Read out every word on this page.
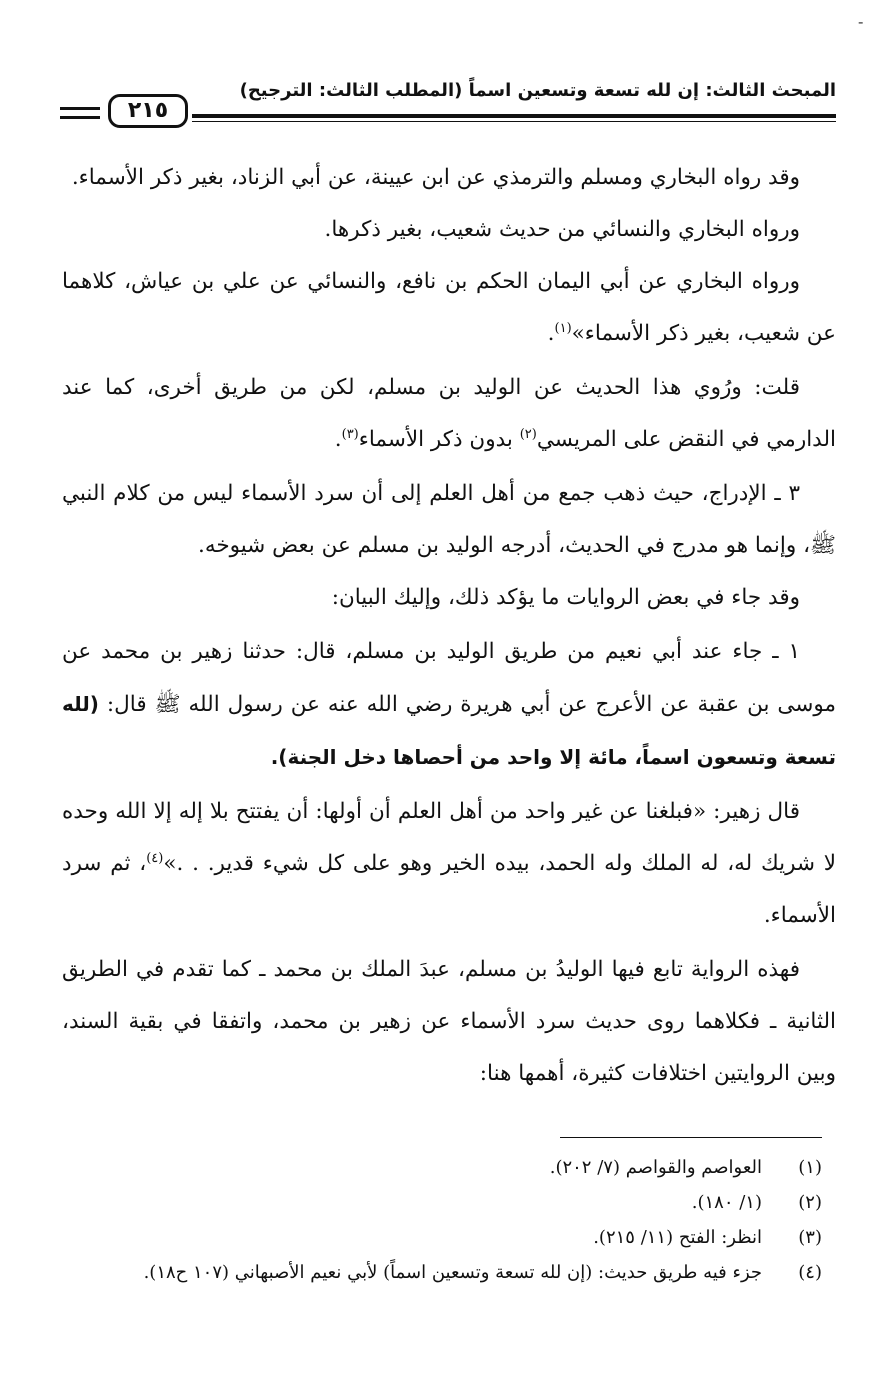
-
المبحث الثالث: إن لله تسعة وتسعين اسماً (المطلب الثالث: الترجيح)
٢١٥

وقد رواه البخاري ومسلم والترمذي عن ابن عيينة، عن أبي الزناد، بغير ذكر الأسماء.

ورواه البخاري والنسائي من حديث شعيب، بغير ذكرها.

ورواه البخاري عن أبي اليمان الحكم بن نافع، والنسائي عن علي بن عياش، كلاهما عن شعيب، بغير ذكر الأسماء»$^{(١)}$.

قلت: ورُوي هذا الحديث عن الوليد بن مسلم، لكن من طريق أخرى، كما عند الدارمي في النقض على المريسي$^{(٢)}$ بدون ذكر الأسماء$^{(٣)}$.

٣ ـ الإدراج، حيث ذهب جمع من أهل العلم إلى أن سرد الأسماء ليس من كلام النبي ﷺ، وإنما هو مدرج في الحديث، أدرجه الوليد بن مسلم عن بعض شيوخه.

وقد جاء في بعض الروايات ما يؤكد ذلك، وإليك البيان:

١ ـ جاء عند أبي نعيم من طريق الوليد بن مسلم، قال: حدثنا زهير بن محمد عن موسى بن عقبة عن الأعرج عن أبي هريرة رضي الله عنه عن رسول الله ﷺ قال: (لله تسعة وتسعون اسماً، مائة إلا واحد من أحصاها دخل الجنة).

قال زهير: «فبلغنا عن غير واحد من أهل العلم أن أولها: أن يفتتح بلا إله إلا الله وحده لا شريك له، له الملك وله الحمد، بيده الخير وهو على كل شيء قدير. . .»$^{(٤)}$، ثم سرد الأسماء.

فهذه الرواية تابع فيها الوليدُ بن مسلم، عبدَ الملك بن محمد ـ كما تقدم في الطريق الثانية ـ فكلاهما روى حديث سرد الأسماء عن زهير بن محمد، واتفقا في بقية السند، وبين الروايتين اختلافات كثيرة، أهمها هنا:

(١)
العواصم والقواصم (٧/ ٢٠٢).
(٢)
(١/ ١٨٠).
(٣)
انظر: الفتح (١١/ ٢١٥).
(٤)
جزء فيه طريق حديث: (إن لله تسعة وتسعين اسماً) لأبي نعيم الأصبهاني (١٠٧ ح١٨).
